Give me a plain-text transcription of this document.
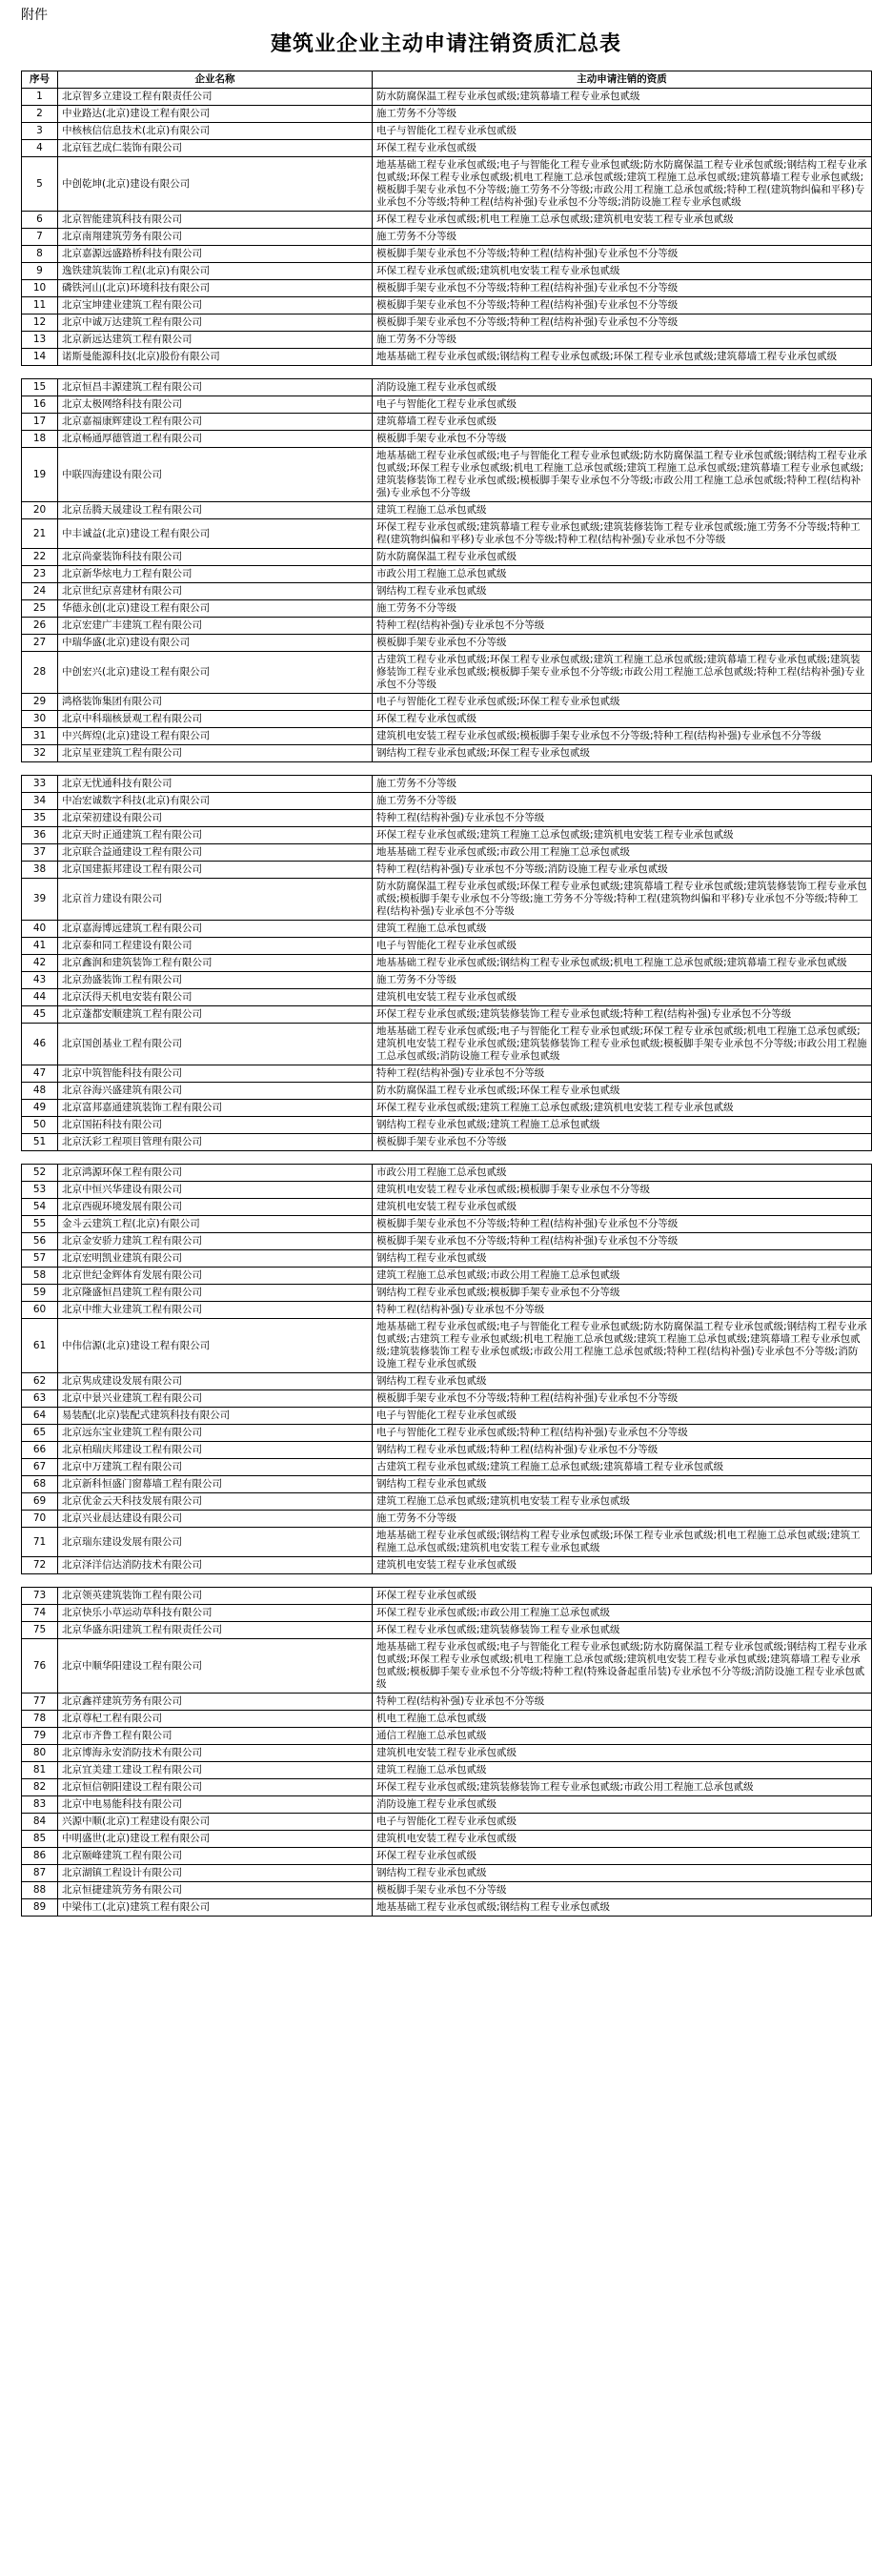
附件
建筑业企业主动申请注销资质汇总表
序号	企业名称	主动申请注销的资质
1	北京智多立建设工程有限责任公司	防水防腐保温工程专业承包贰级;建筑幕墙工程专业承包贰级
2	中业路达(北京)建设工程有限公司	施工劳务不分等级
3	中核核信信息技术(北京)有限公司	电子与智能化工程专业承包贰级
4	北京钰艺成仁装饰有限公司	环保工程专业承包贰级
5	中创乾坤(北京)建设有限公司	地基基础工程专业承包贰级;电子与智能化工程专业承包贰级;防水防腐保温工程专业承包贰级;钢结构工程专业承包贰级;环保工程专业承包贰级;机电工程施工总承包贰级;建筑工程施工总承包贰级;建筑幕墙工程专业承包贰级;模板脚手架专业承包不分等级;施工劳务不分等级;市政公用工程施工总承包贰级;特种工程(建筑物纠偏和平移)专业承包不分等级;特种工程(结构补强)专业承包不分等级;消防设施工程专业承包贰级
6	北京智能建筑科技有限公司	环保工程专业承包贰级;机电工程施工总承包贰级;建筑机电安装工程专业承包贰级
7	北京南翔建筑劳务有限公司	施工劳务不分等级
8	北京嘉源远盛路桥科技有限公司	模板脚手架专业承包不分等级;特种工程(结构补强)专业承包不分等级
9	逸铁建筑装饰工程(北京)有限公司	环保工程专业承包贰级;建筑机电安装工程专业承包贰级
10	磷铁河山(北京)环境科技有限公司	模板脚手架专业承包不分等级;特种工程(结构补强)专业承包不分等级
11	北京宝坤建业建筑工程有限公司	模板脚手架专业承包不分等级;特种工程(结构补强)专业承包不分等级
12	北京中诚万达建筑工程有限公司	模板脚手架专业承包不分等级;特种工程(结构补强)专业承包不分等级
13	北京新远达建筑工程有限公司	施工劳务不分等级
14	诺斯曼能源科技(北京)股份有限公司	地基基础工程专业承包贰级;钢结构工程专业承包贰级;环保工程专业承包贰级;建筑幕墙工程专业承包贰级

15	北京恒昌丰源建筑工程有限公司	消防设施工程专业承包贰级
16	北京太极网络科技有限公司	电子与智能化工程专业承包贰级
17	北京嘉福康辉建设工程有限公司	建筑幕墙工程专业承包贰级
18	北京畅通厚德管道工程有限公司	模板脚手架专业承包不分等级
19	中联四海建设有限公司	地基基础工程专业承包贰级;电子与智能化工程专业承包贰级;防水防腐保温工程专业承包贰级;钢结构工程专业承包贰级;环保工程专业承包贰级;机电工程施工总承包贰级;建筑工程施工总承包贰级;建筑幕墙工程专业承包贰级;建筑装修装饰工程专业承包贰级;模板脚手架专业承包不分等级;市政公用工程施工总承包贰级;特种工程(结构补强)专业承包不分等级
20	北京岳腾天晟建设工程有限公司	建筑工程施工总承包贰级
21	中丰诚益(北京)建设工程有限公司	环保工程专业承包贰级;建筑幕墙工程专业承包贰级;建筑装修装饰工程专业承包贰级;施工劳务不分等级;特种工程(建筑物纠偏和平移)专业承包不分等级;特种工程(结构补强)专业承包不分等级
22	北京尚豪装饰科技有限公司	防水防腐保温工程专业承包贰级
23	北京新华炫电力工程有限公司	市政公用工程施工总承包贰级
24	北京世纪京喜建材有限公司	钢结构工程专业承包贰级
25	华德永创(北京)建设工程有限公司	施工劳务不分等级
26	北京宏建广丰建筑工程有限公司	特种工程(结构补强)专业承包不分等级
27	中瑞华盛(北京)建设有限公司	模板脚手架专业承包不分等级
28	中创宏兴(北京)建设工程有限公司	古建筑工程专业承包贰级;环保工程专业承包贰级;建筑工程施工总承包贰级;建筑幕墙工程专业承包贰级;建筑装修装饰工程专业承包贰级;模板脚手架专业承包不分等级;市政公用工程施工总承包贰级;特种工程(结构补强)专业承包不分等级
29	鸿格装饰集团有限公司	电子与智能化工程专业承包贰级;环保工程专业承包贰级
30	北京中科瑞核景观工程有限公司	环保工程专业承包贰级
31	中兴辉煌(北京)建设工程有限公司	建筑机电安装工程专业承包贰级;模板脚手架专业承包不分等级;特种工程(结构补强)专业承包不分等级
32	北京星亚建筑工程有限公司	钢结构工程专业承包贰级;环保工程专业承包贰级

33	北京无忧通科技有限公司	施工劳务不分等级
34	中冶宏诚数字科技(北京)有限公司	施工劳务不分等级
35	北京荣初建设有限公司	特种工程(结构补强)专业承包不分等级
36	北京天时正通建筑工程有限公司	环保工程专业承包贰级;建筑工程施工总承包贰级;建筑机电安装工程专业承包贰级
37	北京联合益通建设工程有限公司	地基基础工程专业承包贰级;市政公用工程施工总承包贰级
38	北京国建振邦建设工程有限公司	特种工程(结构补强)专业承包不分等级;消防设施工程专业承包贰级
39	北京首力建设有限公司	防水防腐保温工程专业承包贰级;环保工程专业承包贰级;建筑幕墙工程专业承包贰级;建筑装修装饰工程专业承包贰级;模板脚手架专业承包不分等级;施工劳务不分等级;特种工程(建筑物纠偏和平移)专业承包不分等级;特种工程(结构补强)专业承包不分等级
40	北京嘉海博远建筑工程有限公司	建筑工程施工总承包贰级
41	北京泰和同工程建设有限公司	电子与智能化工程专业承包贰级
42	北京鑫润和建筑装饰工程有限公司	地基基础工程专业承包贰级;钢结构工程专业承包贰级;机电工程施工总承包贰级;建筑幕墙工程专业承包贰级
43	北京劲盛装饰工程有限公司	施工劳务不分等级
44	北京沃得天机电安装有限公司	建筑机电安装工程专业承包贰级
45	北京蓬都安顺建筑工程有限公司	环保工程专业承包贰级;建筑装修装饰工程专业承包贰级;特种工程(结构补强)专业承包不分等级
46	北京国创基业工程有限公司	地基基础工程专业承包贰级;电子与智能化工程专业承包贰级;环保工程专业承包贰级;机电工程施工总承包贰级;建筑机电安装工程专业承包贰级;建筑装修装饰工程专业承包贰级;模板脚手架专业承包不分等级;市政公用工程施工总承包贰级;消防设施工程专业承包贰级
47	北京中筑智能科技有限公司	特种工程(结构补强)专业承包不分等级
48	北京谷海兴盛建筑有限公司	防水防腐保温工程专业承包贰级;环保工程专业承包贰级
49	北京富邦嘉通建筑装饰工程有限公司	环保工程专业承包贰级;建筑工程施工总承包贰级;建筑机电安装工程专业承包贰级
50	北京国拓科技有限公司	钢结构工程专业承包贰级;建筑工程施工总承包贰级
51	北京沃彩工程项目管理有限公司	模板脚手架专业承包不分等级

52	北京鸿源环保工程有限公司	市政公用工程施工总承包贰级
53	北京中恒兴华建设有限公司	建筑机电安装工程专业承包贰级;模板脚手架专业承包不分等级
54	北京西砚环境发展有限公司	建筑机电安装工程专业承包贰级
55	金斗云建筑工程(北京)有限公司	模板脚手架专业承包不分等级;特种工程(结构补强)专业承包不分等级
56	北京金安骄力建筑工程有限公司	模板脚手架专业承包不分等级;特种工程(结构补强)专业承包不分等级
57	北京宏明凯业建筑有限公司	钢结构工程专业承包贰级
58	北京世纪金辉体育发展有限公司	建筑工程施工总承包贰级;市政公用工程施工总承包贰级
59	北京隆盛恒昌建筑工程有限公司	钢结构工程专业承包贰级;模板脚手架专业承包不分等级
60	北京中维大业建筑工程有限公司	特种工程(结构补强)专业承包不分等级
61	中伟信源(北京)建设工程有限公司	地基基础工程专业承包贰级;电子与智能化工程专业承包贰级;防水防腐保温工程专业承包贰级;钢结构工程专业承包贰级;古建筑工程专业承包贰级;机电工程施工总承包贰级;建筑工程施工总承包贰级;建筑幕墙工程专业承包贰级;建筑装修装饰工程专业承包贰级;市政公用工程施工总承包贰级;特种工程(结构补强)专业承包不分等级;消防设施工程专业承包贰级
62	北京隽成建设发展有限公司	钢结构工程专业承包贰级
63	北京中景兴业建筑工程有限公司	模板脚手架专业承包不分等级;特种工程(结构补强)专业承包不分等级
64	易装配(北京)装配式建筑科技有限公司	电子与智能化工程专业承包贰级
65	北京远东宝业建筑工程有限公司	电子与智能化工程专业承包贰级;特种工程(结构补强)专业承包不分等级
66	北京柏瑞庆邦建设工程有限公司	钢结构工程专业承包贰级;特种工程(结构补强)专业承包不分等级
67	北京中万建筑工程有限公司	古建筑工程专业承包贰级;建筑工程施工总承包贰级;建筑幕墙工程专业承包贰级
68	北京新科恒盛门窗幕墙工程有限公司	钢结构工程专业承包贰级
69	北京优金云天科技发展有限公司	建筑工程施工总承包贰级;建筑机电安装工程专业承包贰级
70	北京兴业晨达建设有限公司	施工劳务不分等级
71	北京瑞东建设发展有限公司	地基基础工程专业承包贰级;钢结构工程专业承包贰级;环保工程专业承包贰级;机电工程施工总承包贰级;建筑工程施工总承包贰级;建筑机电安装工程专业承包贰级
72	北京泽洋信达消防技术有限公司	建筑机电安装工程专业承包贰级

73	北京领英建筑装饰工程有限公司	环保工程专业承包贰级
74	北京快乐小草运动草科技有限公司	环保工程专业承包贰级;市政公用工程施工总承包贰级
75	北京华盛东阳建筑工程有限责任公司	环保工程专业承包贰级;建筑装修装饰工程专业承包贰级
76	北京中顺华阳建设工程有限公司	地基基础工程专业承包贰级;电子与智能化工程专业承包贰级;防水防腐保温工程专业承包贰级;钢结构工程专业承包贰级;环保工程专业承包贰级;机电工程施工总承包贰级;建筑机电安装工程专业承包贰级;建筑幕墙工程专业承包贰级;模板脚手架专业承包不分等级;特种工程(特殊设备起重吊装)专业承包不分等级;消防设施工程专业承包贰级
77	北京鑫祥建筑劳务有限公司	特种工程(结构补强)专业承包不分等级
78	北京尊杞工程有限公司	机电工程施工总承包贰级
79	北京市齐鲁工程有限公司	通信工程施工总承包贰级
80	北京博海永安消防技术有限公司	建筑机电安装工程专业承包贰级
81	北京宜美建工建设工程有限公司	建筑工程施工总承包贰级
82	北京恒信朝阳建设工程有限公司	环保工程专业承包贰级;建筑装修装饰工程专业承包贰级;市政公用工程施工总承包贰级
83	北京中电易能科技有限公司	消防设施工程专业承包贰级
84	兴源中顺(北京)工程建设有限公司	电子与智能化工程专业承包贰级
85	中明盛世(北京)建设工程有限公司	建筑机电安装工程专业承包贰级
86	北京颐峰建筑工程有限公司	环保工程专业承包贰级
87	北京湖镇工程设计有限公司	钢结构工程专业承包贰级
88	北京恒捷建筑劳务有限公司	模板脚手架专业承包不分等级
89	中梁伟工(北京)建筑工程有限公司	地基基础工程专业承包贰级;钢结构工程专业承包贰级
